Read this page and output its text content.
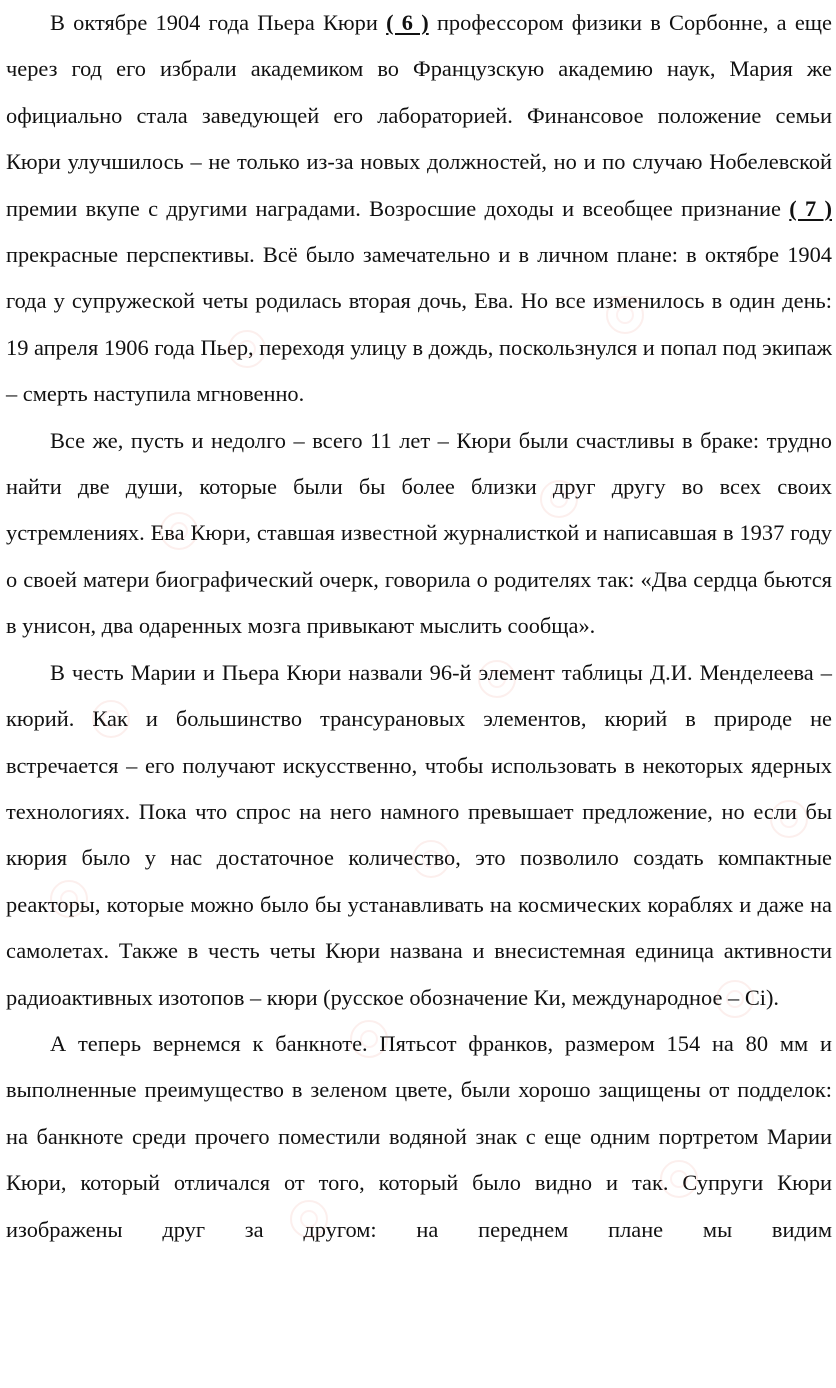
В октябре 1904 года Пьера Кюри ( 6 ) профессором физики в Сорбонне, а еще через год его избрали академиком во Французскую академию наук, Мария же официально стала заведующей его лабораторией. Финансовое положение семьи Кюри улучшилось – не только из-за новых должностей, но и по случаю Нобелевской премии вкупе с другими наградами. Возросшие доходы и всеобщее признание ( 7 ) прекрасные перспективы. Всё было замечательно и в личном плане: в октябре 1904 года у супружеской четы родилась вторая дочь, Ева. Но все изменилось в один день: 19 апреля 1906 года Пьер, переходя улицу в дождь, поскользнулся и попал под экипаж – смерть наступила мгновенно.

Все же, пусть и недолго – всего 11 лет – Кюри были счастливы в браке: трудно найти две души, которые были бы более близки друг другу во всех своих устремлениях. Ева Кюри, ставшая известной журналисткой и написавшая в 1937 году о своей матери биографический очерк, говорила о родителях так: «Два сердца бьются в унисон, два одаренных мозга привыкают мыслить сообща».

В честь Марии и Пьера Кюри назвали 96-й элемент таблицы Д.И. Менделеева – кюрий. Как и большинство трансурановых элементов, кюрий в природе не встречается – его получают искусственно, чтобы использовать в некоторых ядерных технологиях. Пока что спрос на него намного превышает предложение, но если бы кюрия было у нас достаточное количество, это позволило создать компактные реакторы, которые можно было бы устанавливать на космических кораблях и даже на самолетах. Также в честь четы Кюри названа и внесистемная единица активности радиоактивных изотопов – кюри (русское обозначение Ки, международное – Ci).

А теперь вернемся к банкноте. Пятьсот франков, размером 154 на 80 мм и выполненные преимущество в зеленом цвете, были хорошо защищены от подделок: на банкноте среди прочего поместили водяной знак с еще одним портретом Марии Кюри, который отличался от того, который было видно и так. Супруги Кюри изображены друг за другом: на переднем плане мы видим
